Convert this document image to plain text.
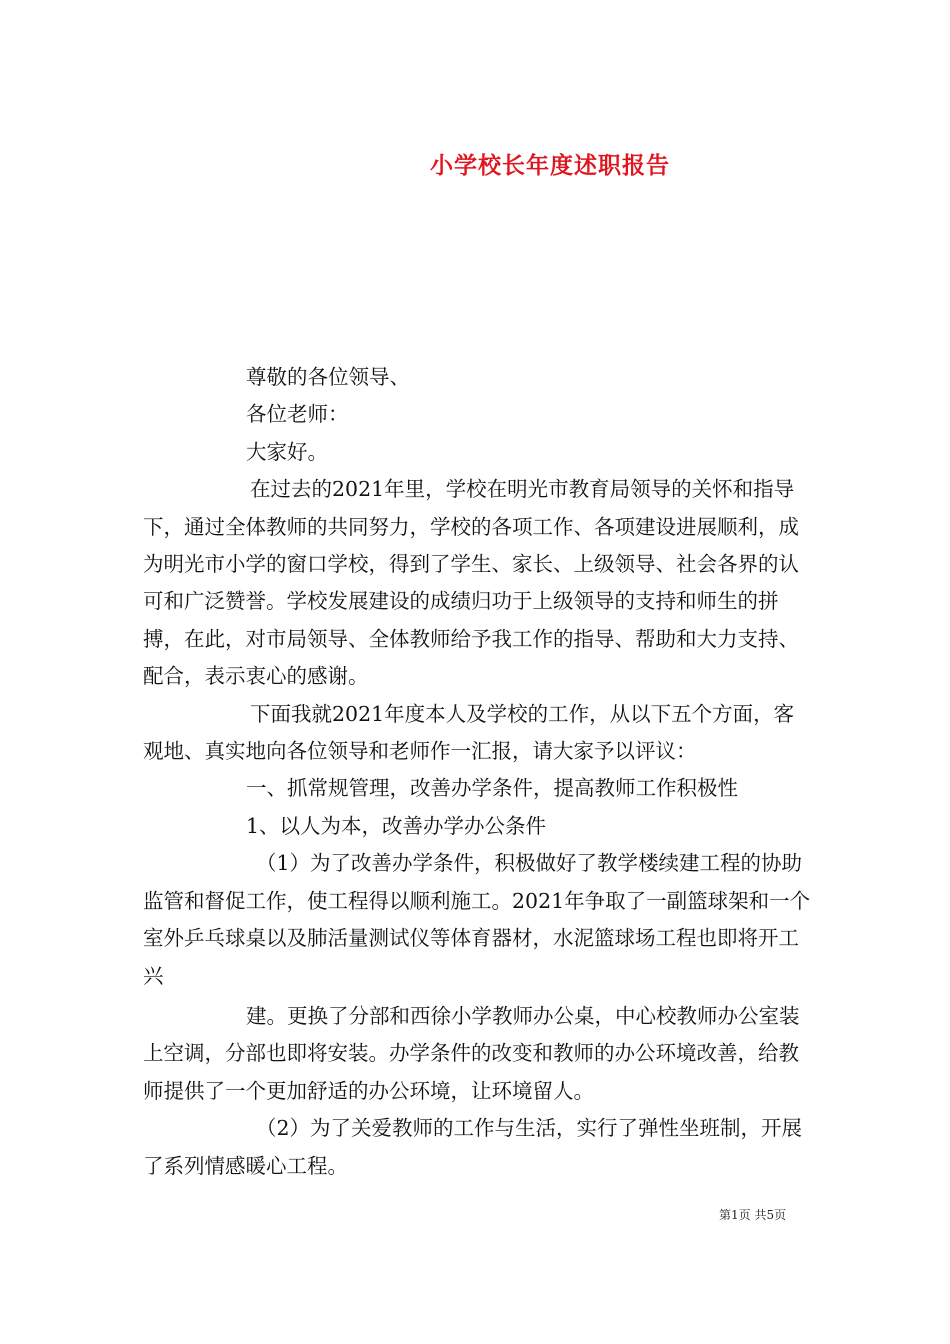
小学校长年度述职报告

尊敬的各位领导、

各位老师：

大家好。

在过去的2021年里，学校在明光市教育局领导的关怀和指导下，通过全体教师的共同努力，学校的各项工作、各项建设进展顺利，成为明光市小学的窗口学校，得到了学生、家长、上级领导、社会各界的认可和广泛赞誉。学校发展建设的成绩归功于上级领导的支持和师生的拼搏，在此，对市局领导、全体教师给予我工作的指导、帮助和大力支持、配合，表示衷心的感谢。

下面我就2021年度本人及学校的工作，从以下五个方面，客观地、真实地向各位领导和老师作一汇报，请大家予以评议：

一、抓常规管理，改善办学条件，提高教师工作积极性

1、以人为本，改善办学办公条件

（1）为了改善办学条件，积极做好了教学楼续建工程的协助监管和督促工作，使工程得以顺利施工。2021年争取了一副篮球架和一个室外乒乓球桌以及肺活量测试仪等体育器材，水泥篮球场工程也即将开工兴

建。更换了分部和西徐小学教师办公桌，中心校教师办公室装上空调，分部也即将安装。办学条件的改变和教师的办公环境改善，给教师提供了一个更加舒适的办公环境，让环境留人。

（2）为了关爱教师的工作与生活，实行了弹性坐班制，开展了系列情感暖心工程。

第1页 共5页
